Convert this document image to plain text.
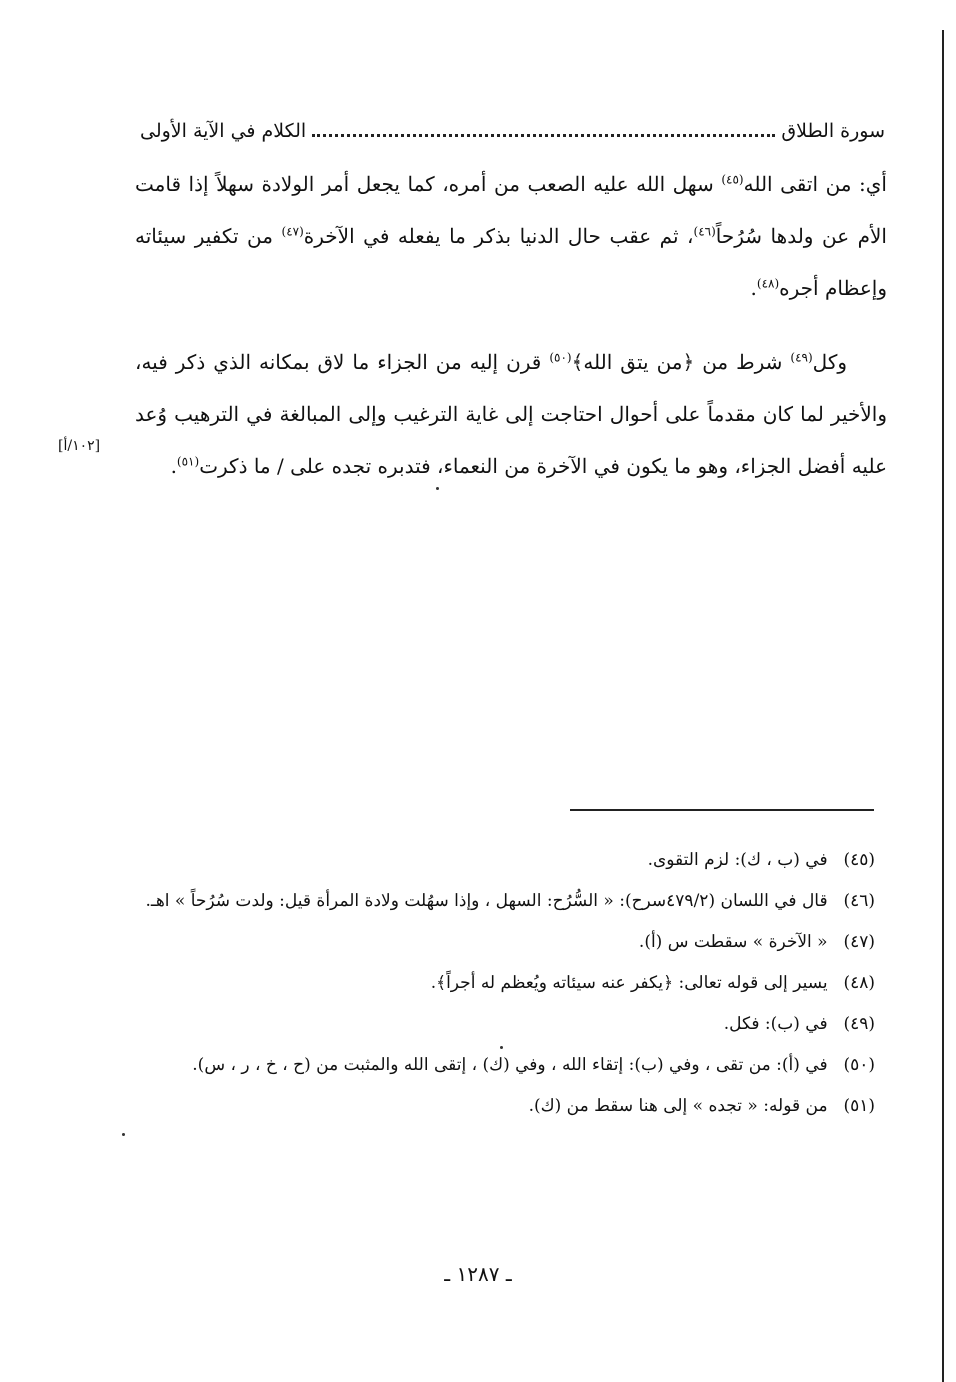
سورة الطلاق
الكلام في الآية الأولى

أي: من اتقى الله$^{(٤٥)}$ سهل الله عليه الصعب من أمره، كما يجعل أمر الولادة سهلاً إذا قامت الأم عن ولدها سُرُحاً$^{(٤٦)}$، ثم عقب حال الدنيا بذكر ما يفعله في الآخرة$^{(٤٧)}$ من تكفير سيئاته وإعظام أجره$^{(٤٨)}$.

وكل$^{(٤٩)}$ شرط من ﴿من يتق الله﴾$^{(٥٠)}$ قرن إليه من الجزاء ما لاق بمكانه الذي ذكر فيه، والأخير لما كان مقدماً على أحوال احتاجت إلى غاية الترغيب وإلى المبالغة في الترهيب وُعد عليه أفضل الجزاء، وهو ما يكون في الآخرة من النعماء، فتدبره تجده على / ما ذكرت$^{(٥١)}$.

[١٠٢/أ]

(٤٥) في (ب ، ك): لزم التقوى.

(٤٦) قال في اللسان (٤٧٩/٢سرح): « السُّرُح: السهل ، وإذا سهُلت ولادة المرأة قيل: ولدت سُرُحاً » اهـ.

(٤٧) « الآخرة » سقطت س (أ).

(٤٨) يسير إلى قوله تعالى: ﴿يكفر عنه سيئاته ويُعظم له أجراً﴾.

(٤٩) في (ب): فكل.

(٥٠) في (أ): من تقى ، وفي (ب): إتقاء الله ، وفي (ك) ، إتقى الله والمثبت من (ح ، خ ، ر ، س).

(٥١) من قوله: « تجده » إلى هنا سقط من (ك).

ـ ١٢٨٧ ـ
